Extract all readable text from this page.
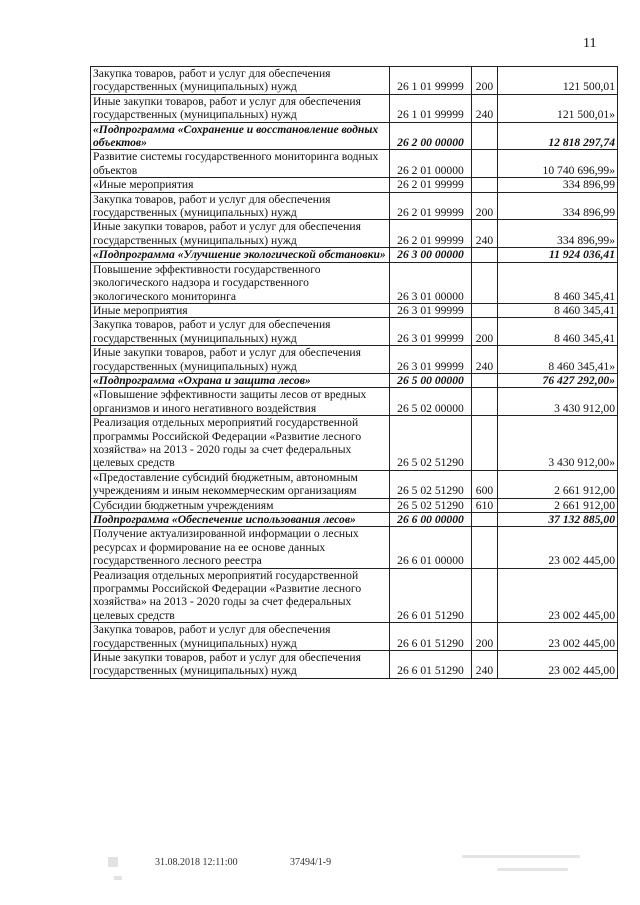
11
Закупка товаров, работ и услуг для обеспечения государственных (муниципальных) нужд	26 1 01 99999	200	121 500,01
Иные закупки товаров, работ и услуг для обеспечения государственных (муниципальных) нужд	26 1 01 99999	240	121 500,01»
«Подпрограмма «Сохранение и восстановление водных объектов»	26 2 00 00000		12 818 297,74
Развитие системы государственного мониторинга водных объектов	26 2 01 00000		10 740 696,99»
«Иные мероприятия	26 2 01 99999		334 896,99
Закупка товаров, работ и услуг для обеспечения государственных (муниципальных) нужд	26 2 01 99999	200	334 896,99
Иные закупки товаров, работ и услуг для обеспечения государственных (муниципальных) нужд	26 2 01 99999	240	334 896,99»
«Подпрограмма «Улучшение экологической обстановки»	26 3 00 00000		11 924 036,41
Повышение эффективности государственного экологического надзора и государственного экологического мониторинга	26 3 01 00000		8 460 345,41
Иные мероприятия	26 3 01 99999		8 460 345,41
Закупка товаров, работ и услуг для обеспечения государственных (муниципальных) нужд	26 3 01 99999	200	8 460 345,41
Иные закупки товаров, работ и услуг для обеспечения государственных (муниципальных) нужд	26 3 01 99999	240	8 460 345,41»
«Подпрограмма «Охрана и защита лесов»	26 5 00 00000		76 427 292,00»
«Повышение эффективности защиты лесов от вредных организмов и иного негативного воздействия	26 5 02 00000		3 430 912,00
Реализация отдельных мероприятий государственной программы Российской Федерации «Развитие лесного хозяйства» на 2013 - 2020 годы за счет федеральных целевых средств	26 5 02 51290		3 430 912,00»
«Предоставление субсидий бюджетным, автономным учреждениям и иным некоммерческим организациям	26 5 02 51290	600	2 661 912,00
Субсидии бюджетным учреждениям	26 5 02 51290	610	2 661 912,00
Подпрограмма «Обеспечение использования лесов»	26 6 00 00000		37 132 885,00
Получение актуализированной информации о лесных ресурсах и формирование на ее основе данных государственного лесного реестра	26 6 01 00000		23 002 445,00
Реализация отдельных мероприятий государственной программы Российской Федерации «Развитие лесного хозяйства» на 2013 - 2020 годы за счет федеральных целевых средств	26 6 01 51290		23 002 445,00
Закупка товаров, работ и услуг для обеспечения государственных (муниципальных) нужд	26 6 01 51290	200	23 002 445,00
Иные закупки товаров, работ и услуг для обеспечения государственных (муниципальных) нужд	26 6 01 51290	240	23 002 445,00
31.08.2018 12:11:00	37494/1-9
